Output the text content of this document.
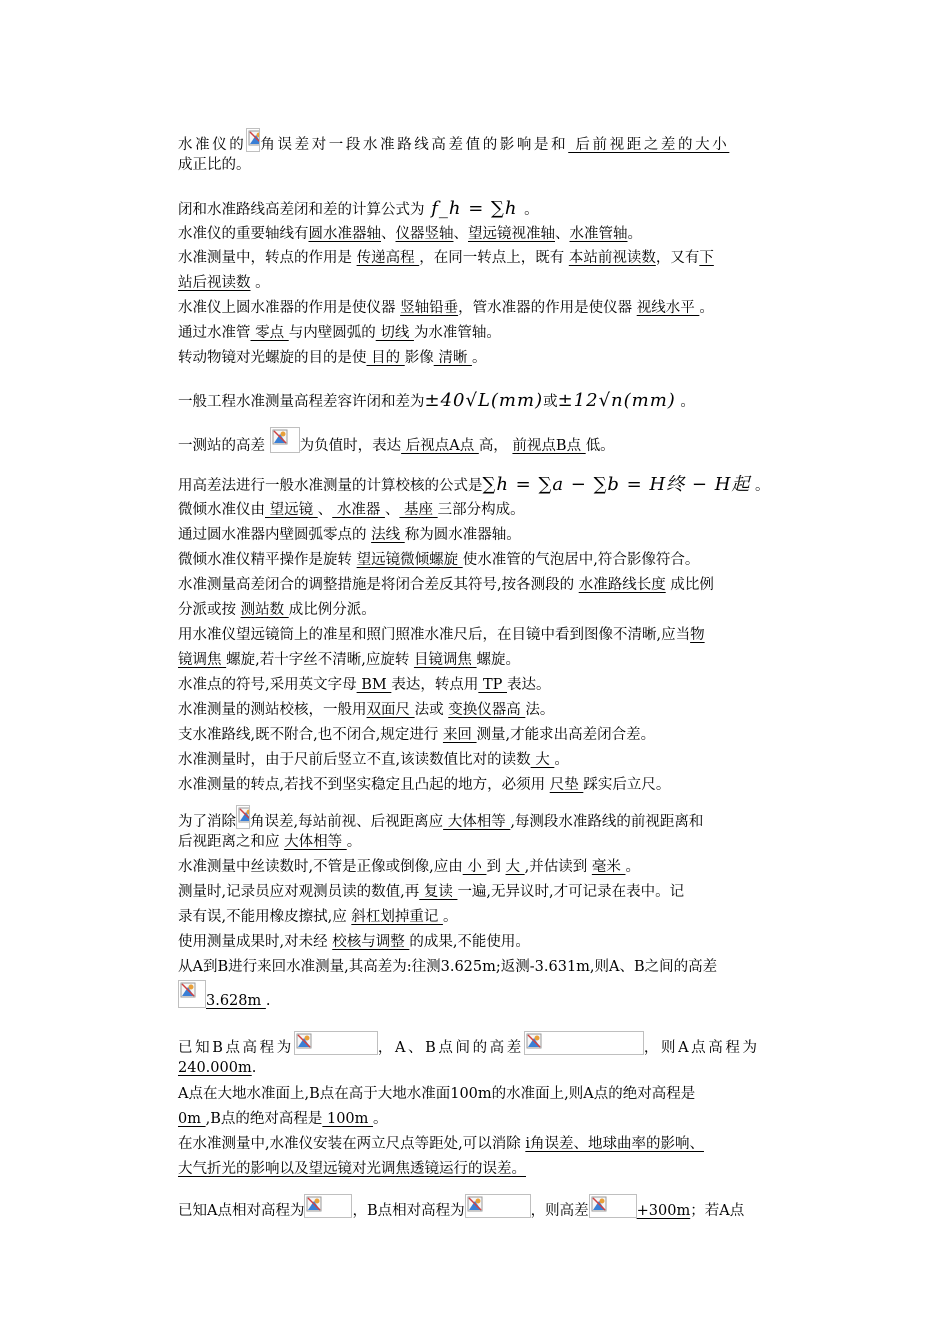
水准仪的 角误差对一段水准路线高差值的影响是和 后前视距之差的大小
成正比的。
闭和水准路线高差闭和差的计算公式为 f_h = ∑h 。
水准仪的重要轴线有圆水准器轴、仪器竖轴、望远镜视准轴、水准管轴。
水准测量中，转点的作用是 传递高程 ，在同一转点上，既有 本站前视读数，又有下
站后视读数 。
水准仪上圆水准器的作用是使仪器 竖轴铅垂，管水准器的作用是使仪器 视线水平 。
通过水准管 零点 与内壁圆弧的 切线 为水准管轴。
转动物镜对光螺旋的目的是使 目的 影像 清晰 。
一般工程水准测量高程差容许闭和差为±40√L(mm)或±12√n(mm) 。
一测站的高差
为负值时，表达 后视点A点 高， 前视点B点 低。
用高差法进行一般水准测量的计算校核的公式是∑h = ∑a − ∑b = H终 − H起 。
微倾水准仪由 望远镜 、 水准器 、 基座 三部分构成。
通过圆水准器内壁圆弧零点的 法线 称为圆水准器轴。
微倾水准仪精平操作是旋转 望远镜微倾螺旋 使水准管的气泡居中,符合影像符合。
水准测量高差闭合的调整措施是将闭合差反其符号,按各测段的 水准路线长度 成比例
分派或按 测站数 成比例分派。
用水准仪望远镜筒上的准星和照门照准水准尺后，在目镜中看到图像不清晰,应当物
镜调焦 螺旋,若十字丝不清晰,应旋转 目镜调焦 螺旋。
水准点的符号,采用英文字母 BM 表达，转点用 TP 表达。
水准测量的测站校核，一般用双面尺 法或 变换仪器高 法。
支水准路线,既不附合,也不闭合,规定进行 来回 测量,才能求出高差闭合差。
水准测量时，由于尺前后竖立不直,该读数值比对的读数 大 。
水准测量的转点,若找不到坚实稳定且凸起的地方，必须用 尺垫 踩实后立尺。
为了消除 角误差,每站前视、后视距离应 大体相等 ,每测段水准路线的前视距离和
后视距离之和应 大体相等 。
水准测量中丝读数时,不管是正像或倒像,应由 小 到 大 ,并估读到 毫米 。
测量时,记录员应对观测员读的数值,再 复读 一遍,无异议时,才可记录在表中。记
录有误,不能用橡皮擦拭,应 斜杠划掉重记 。
使用测量成果时,对未经 校核与调整 的成果,不能使用。
从A到B进行来回水准测量,其高差为:往测3.625m;返测-3.631m,则A、B之间的高差
3.628m .
已知B点高程为	，A、B点间的高差	，则A点高程为
240.000m.
A点在大地水准面上,B点在高于大地水准面100m的水准面上,则A点的绝对高程是
0m ,B点的绝对高程是 100m 。
在水准测量中,水准仪安装在两立尺点等距处,可以消除 i角误差、地球曲率的影响、
大气折光的影响以及望远镜对光调焦透镜运行的误差。
已知A点相对高程为	，B点相对高程为	，则高差	+300m；若A点
